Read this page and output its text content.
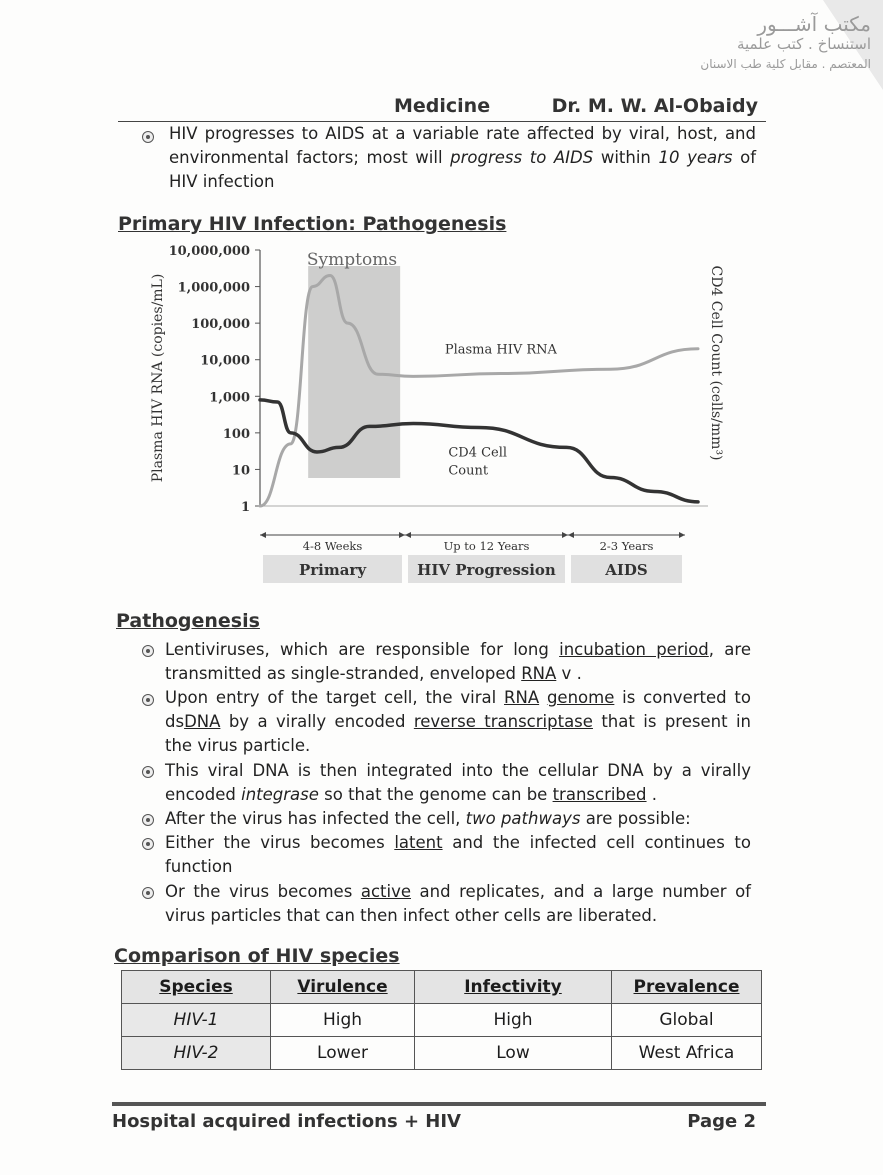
مكتب آشـــور
استنساخ . كتب علمية
المعتصم . مقابل كلية طب الاسنان
Medicine	Dr. M. W. Al-Obaidy
HIV progresses to AIDS at a variable rate affected by viral, host, and environmental factors; most will progress to AIDS within 10 years of HIV infection
Primary HIV Infection: Pathogenesis
Symptoms
1
10
100
1,000
10,000
100,000
1,000,000
10,000,000
Plasma HIV RNA (copies/mL)	CD4 Cell Count (cells/mm³)
Plasma HIV RNA
CD4 Cell
Count
4-8 Weeks
Primary
Up to 12 Years
HIV Progression
2-3 Years
AIDS
Pathogenesis
Lentiviruses, which are responsible for long incubation period, are transmitted as single-stranded, enveloped RNA v .
Upon entry of the target cell, the viral RNA genome is converted to dsDNA by a virally encoded reverse transcriptase that is present in the virus particle.
This viral DNA is then integrated into the cellular DNA by a virally encoded integrase so that the genome can be transcribed .
After the virus has infected the cell, two pathways are possible:
Either the virus becomes latent and the infected cell continues to function
Or the virus becomes active and replicates, and a large number of virus particles that can then infect other cells are liberated.
Comparison of HIV species
Species	Virulence	Infectivity	Prevalence
HIV-1	High	High	Global
HIV-2	Lower	Low	West Africa
Hospital acquired infections + HIV	Page 2
